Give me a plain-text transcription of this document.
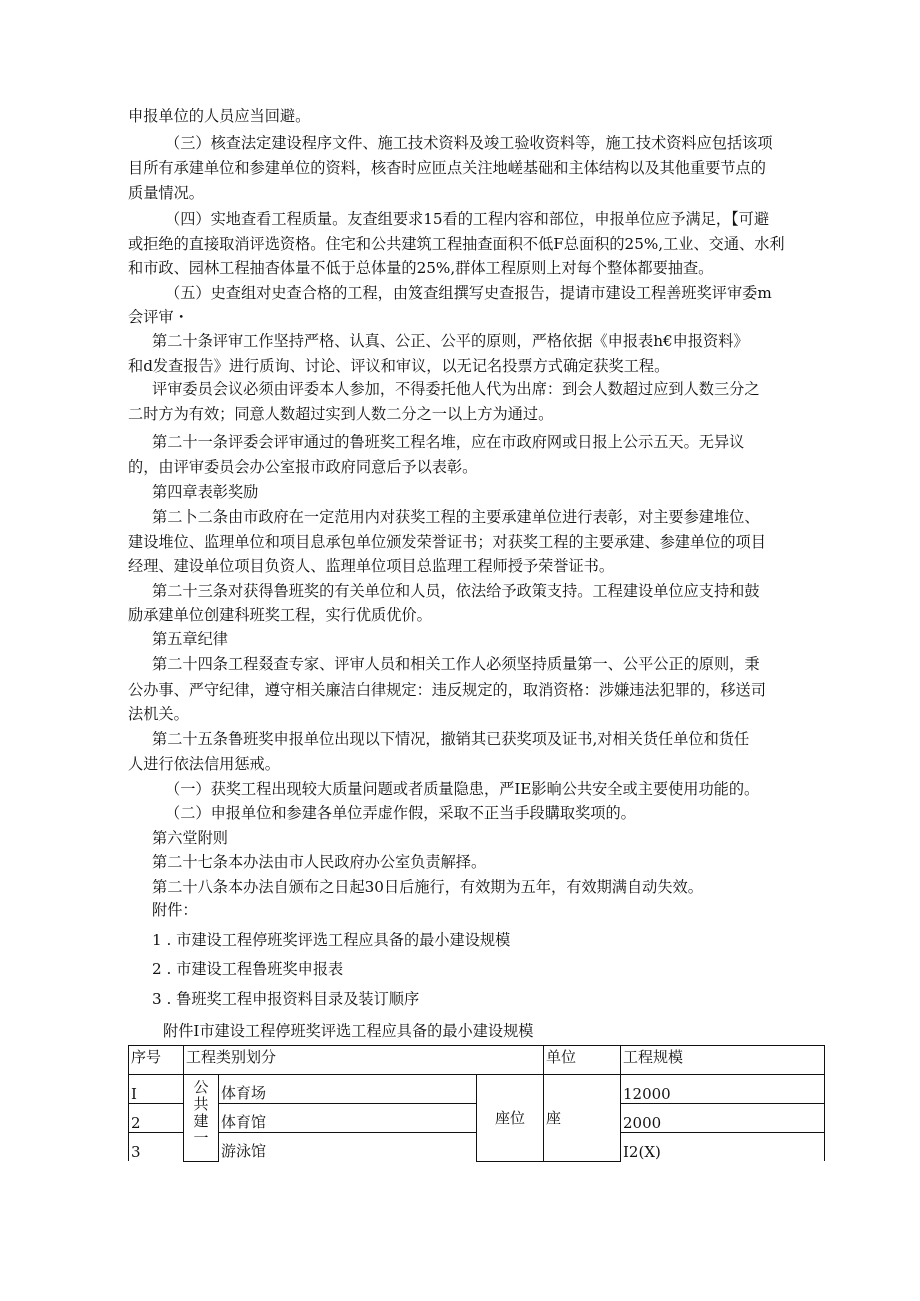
申报单位的人员应当回避。
（三）核查法定建设程序文件、施工技术资料及竣工验收资料等，施工技术资料应包括该项
目所有承建单位和参建单位的资料，核杳时应匝点关注地嵯基础和主体结构以及其他重要节点的
质量情况。
（四）实地查看工程质量。友查组要求15看的工程内容和部位，申报单位应予满足，【可避
或拒绝的直接取消评选资格。住宅和公共建筑工程抽查面积不低F总面积的25%,工业、交通、水利
和市政、园林工程抽杳体量不低于总体量的25%,群体工程原则上对每个整体都要抽查。
（五）史查组对史查合格的工程，由笈查组撰写史查报告，提请市建设工程善班奖评审委m
会评审・
第二十条评审工作坚持严格、认真、公正、公平的原则，严格依据《申报表h€申报资料》
和d发查报告》进行质询、讨论、评议和审议，以无记名投票方式确定获奖工程。
评审委员会议必须由评委本人参加，不得委托他人代为出席：到会人数超过应到人数三分之
二时方为有效；同意人数超过实到人数二分之一以上方为通过。
第二十一条评委会评审通过的鲁班奖工程名堆，应在市政府网或日报上公示五天。无异议
的，由评审委员会办公室报市政府同意后予以表彰。
第四章表彰奖励
第二卜二条由市政府在一定范用内对获奖工程的主要承建单位进行表彰，对主要参建堆位、
建设堆位、监理单位和项目息承包单位颁发荣誉证书；对获奖工程的主要承建、参建单位的项目
经理、建设单位项目负资人、监理单位项目总监理工程师授予荣誉证书。
第二十三条对获得鲁班奖的有关单位和人员，依法给予政策支持。工程建设单位应支持和鼓
励承建单位创建科班奖工程，实行优质优价。
第五章纪律
第二十四条工程叕查专家、评审人员和相关工作人必须坚持质量第一、公平公正的原则，秉
公办事、严守纪律，遵守相关廉洁白律规定：违反规定的，取消资格：涉嫌违法犯罪的，移送司
法机关。
第二十五条鲁班奖申报单位出现以下情况，撤销其已获奖项及证书,对相关货任单位和货任
人进行依法信用惩戒。
（一）获奖工程出现较大质量问题或者质量隐患，严IE影晌公共安全或主要使用功能的。
（二）申报单位和参建各单位弄虚作假，采取不正当手段購取奖项的。
第六堂附则
第二十七条本办法由市人民政府办公室负责解择。
第二十八条本办法自颁布之日起30日后施行，有效期为五年，有效期满自动失效。
附件：
1 . 市建设工程停班奖评选工程应具备的最小建设规模
2 . 市建设工程鲁班奖申报表
3 . 鲁班奖工程申报资料目录及装订顺序
附件I市建设工程停班奖评选工程应具备的最小建设规模
序号	工程类别划分			单位	工程规模
I	公共建一	体育场	座位	座	12000
2		体育馆			2000
3		游泳馆			I2(X)
